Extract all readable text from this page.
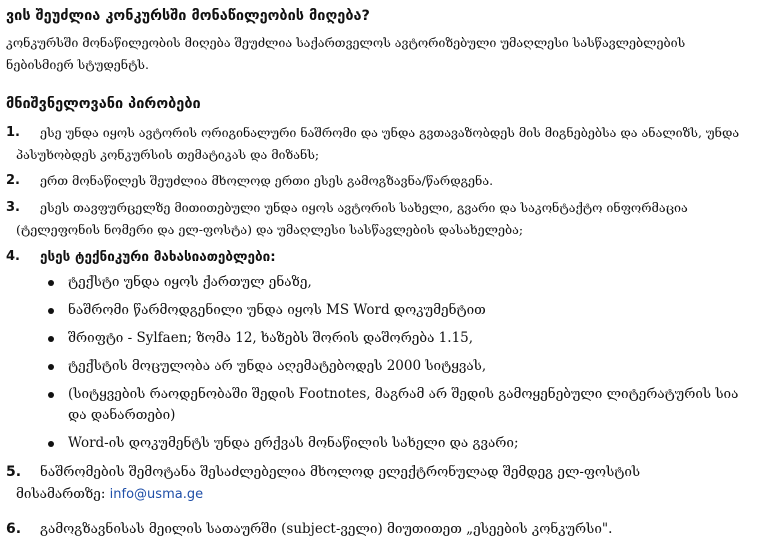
ვის შეუძლია კონკურსში მონაწილეობის მიღება?

კონკურსში მონაწილეობის მიღება შეუძლია საქართველოს ავტორიზებული უმაღლესი სასწავლებლების ნებისმიერ სტუდენტს.

მნიშვნელოვანი პირობები
1. ესე უნდა იყოს ავტორის ორიგინალური ნაშრომი და უნდა გვთავაზობდეს მის მიგნებებსა და ანალიზს, უნდა
პასუხობდეს კონკურსის თემატიკას და მიზანს;
2. ერთ მონაწილეს შეუძლია მხოლოდ ერთი ესეს გამოგზავნა/წარდგენა.
3. ესეს თავფურცელზე მითითებული უნდა იყოს ავტორის სახელი, გვარი და საკონტაქტო ინფორმაცია
(ტელეფონის ნომერი და ელ-ფოსტა) და უმაღლესი სასწავლების დასახელება;
4. ესეს ტექნიკური მახასიათებლები:
ტექსტი უნდა იყოს ქართულ ენაზე,
ნაშრომი წარმოდგენილი უნდა იყოს MS Word დოკუმენტით
შრიფტი - Sylfaen; ზომა 12, ხაზებს შორის დაშორება 1.15,
ტექსტის მოცულობა არ უნდა აღემატებოდეს 2000 სიტყვას,
(სიტყვების რაოდენობაში შედის Footnotes, მაგრამ არ შედის გამოყენებული ლიტერატურის სია და დანართები)
Word-ის დოკუმენტს უნდა ერქვას მონაწილის სახელი და გვარი;
5. ნაშრომების შემოტანა შესაძლებელია მხოლოდ ელექტრონულად შემდეგ ელ-ფოსტის
მისამართზე: info@usma.ge
6. გამოგზავნისას მეილის სათაურში (subject-ველი) მიუთითეთ „ესეების კონკურსი".
